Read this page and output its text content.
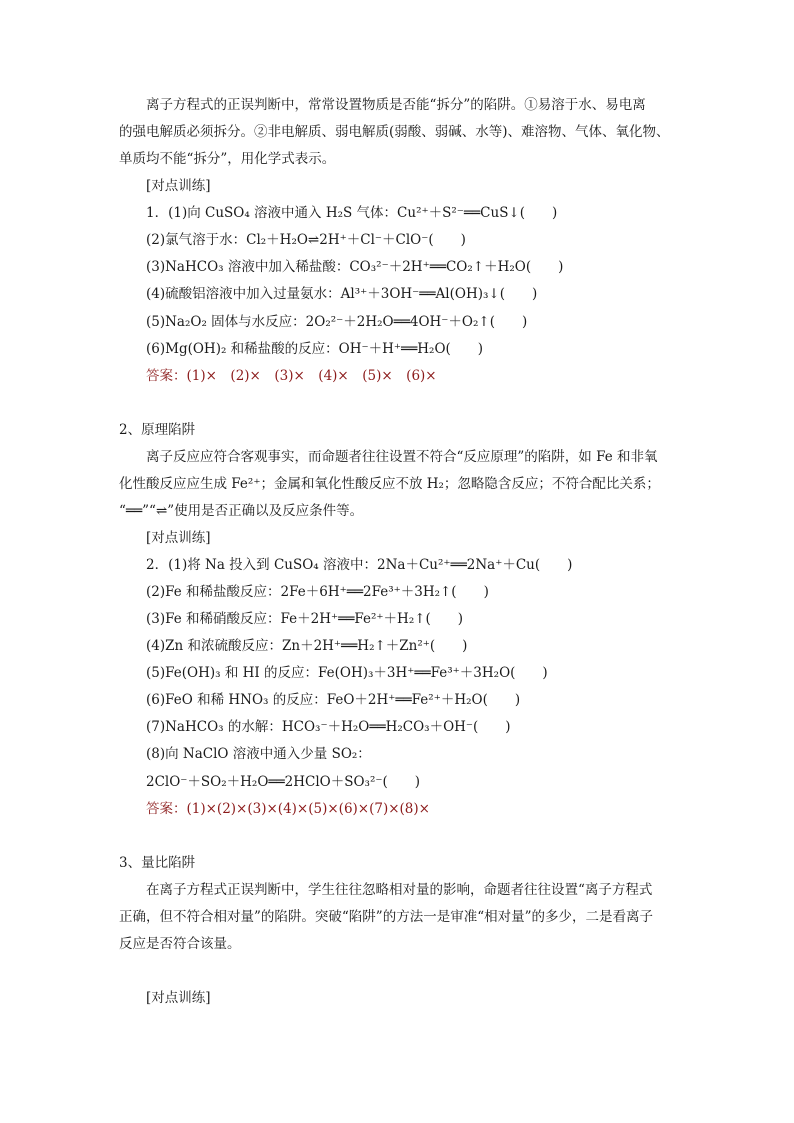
离子方程式的正误判断中，常常设置物质是否能“拆分”的陷阱。①易溶于水、易电离
的强电解质必须拆分。②非电解质、弱电解质(弱酸、弱碱、水等)、难溶物、气体、氧化物、
单质均不能“拆分”，用化学式表示。
[对点训练]
1．(1)向 CuSO₄ 溶液中通入 H₂S 气体：Cu²⁺＋S²⁻══CuS↓(　　)
(2)氯气溶于水：Cl₂＋H₂O⇌2H⁺＋Cl⁻＋ClO⁻(　　)
(3)NaHCO₃ 溶液中加入稀盐酸：CO₃²⁻＋2H⁺══CO₂↑＋H₂O(　　)
(4)硫酸铝溶液中加入过量氨水：Al³⁺＋3OH⁻══Al(OH)₃↓(　　)
(5)Na₂O₂ 固体与水反应：2O₂²⁻＋2H₂O══4OH⁻＋O₂↑(　　)
(6)Mg(OH)₂ 和稀盐酸的反应：OH⁻＋H⁺══H₂O(　　)
答案：(1)×　(2)×　(3)×　(4)×　(5)×　(6)×
2、原理陷阱
离子反应应符合客观事实，而命题者往往设置不符合“反应原理”的陷阱，如 Fe 和非氧
化性酸反应应生成 Fe²⁺；金属和氧化性酸反应不放 H₂；忽略隐含反应；不符合配比关系；
“══”“⇌”使用是否正确以及反应条件等。
[对点训练]
2．(1)将 Na 投入到 CuSO₄ 溶液中：2Na＋Cu²⁺══2Na⁺＋Cu(　　)
(2)Fe 和稀盐酸反应：2Fe＋6H⁺══2Fe³⁺＋3H₂↑(　　)
(3)Fe 和稀硝酸反应：Fe＋2H⁺══Fe²⁺＋H₂↑(　　)
(4)Zn 和浓硫酸反应：Zn＋2H⁺══H₂↑＋Zn²⁺(　　)
(5)Fe(OH)₃ 和 HI 的反应：Fe(OH)₃＋3H⁺══Fe³⁺＋3H₂O(　　)
(6)FeO 和稀 HNO₃ 的反应：FeO＋2H⁺══Fe²⁺＋H₂O(　　)
(7)NaHCO₃ 的水解：HCO₃⁻＋H₂O══H₂CO₃＋OH⁻(　　)
(8)向 NaClO 溶液中通入少量 SO₂：
2ClO⁻＋SO₂＋H₂O══2HClO＋SO₃²⁻(　　)
答案：(1)×(2)×(3)×(4)×(5)×(6)×(7)×(8)×
3、量比陷阱
在离子方程式正误判断中，学生往往忽略相对量的影响，命题者往往设置“离子方程式
正确，但不符合相对量”的陷阱。突破“陷阱”的方法一是审准“相对量”的多少，二是看离子
反应是否符合该量。
[对点训练]
